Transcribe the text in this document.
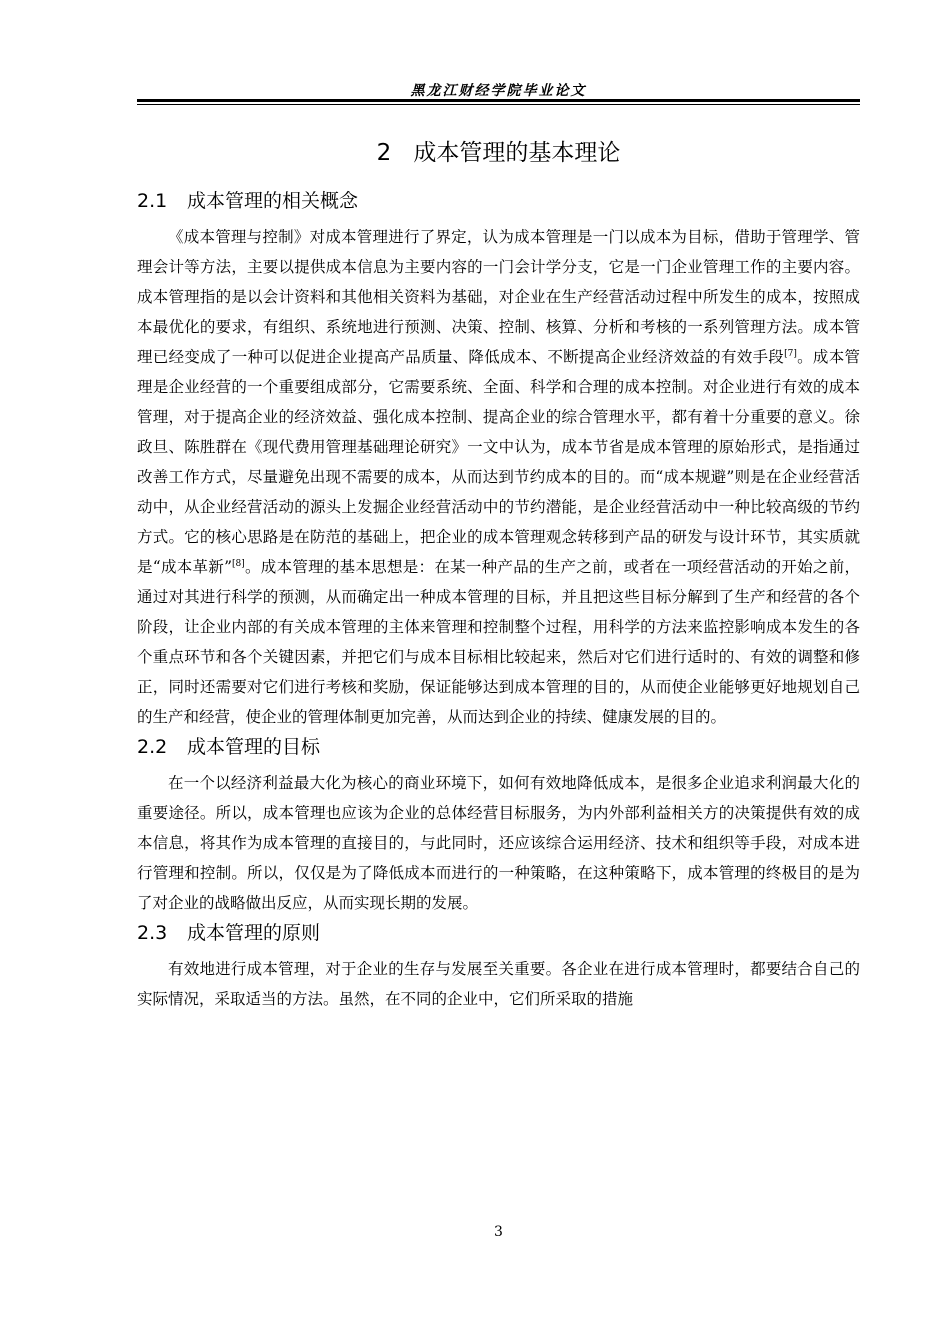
黑龙江财经学院毕业论文
2 成本管理的基本理论
2.1 成本管理的相关概念

《成本管理与控制》对成本管理进行了界定，认为成本管理是一门以成本为目标，借助于管理学、管理会计等方法，主要以提供成本信息为主要内容的一门会计学分支，它是一门企业管理工作的主要内容。成本管理指的是以会计资料和其他相关资料为基础，对企业在生产经营活动过程中所发生的成本，按照成本最优化的要求，有组织、系统地进行预测、决策、控制、核算、分析和考核的一系列管理方法。成本管理已经变成了一种可以促进企业提高产品质量、降低成本、不断提高企业经济效益的有效手段[7]。成本管理是企业经营的一个重要组成部分，它需要系统、全面、科学和合理的成本控制。对企业进行有效的成本管理，对于提高企业的经济效益、强化成本控制、提高企业的综合管理水平，都有着十分重要的意义。徐政旦、陈胜群在《现代费用管理基础理论研究》一文中认为，成本节省是成本管理的原始形式，是指通过改善工作方式，尽量避免出现不需要的成本，从而达到节约成本的目的。而“成本规避”则是在企业经营活动中，从企业经营活动的源头上发掘企业经营活动中的节约潜能，是企业经营活动中一种比较高级的节约方式。它的核心思路是在防范的基础上，把企业的成本管理观念转移到产品的研发与设计环节，其实质就是“成本革新”[8]。成本管理的基本思想是：在某一种产品的生产之前，或者在一项经营活动的开始之前，通过对其进行科学的预测，从而确定出一种成本管理的目标，并且把这些目标分解到了生产和经营的各个阶段，让企业内部的有关成本管理的主体来管理和控制整个过程，用科学的方法来监控影响成本发生的各个重点环节和各个关键因素，并把它们与成本目标相比较起来，然后对它们进行适时的、有效的调整和修正，同时还需要对它们进行考核和奖励，保证能够达到成本管理的目的，从而使企业能够更好地规划自己的生产和经营，使企业的管理体制更加完善，从而达到企业的持续、健康发展的目的。

2.2 成本管理的目标

在一个以经济利益最大化为核心的商业环境下，如何有效地降低成本，是很多企业追求利润最大化的重要途径。所以，成本管理也应该为企业的总体经营目标服务，为内外部利益相关方的决策提供有效的成本信息，将其作为成本管理的直接目的，与此同时，还应该综合运用经济、技术和组织等手段，对成本进行管理和控制。所以，仅仅是为了降低成本而进行的一种策略，在这种策略下，成本管理的终极目的是为了对企业的战略做出反应，从而实现长期的发展。

2.3 成本管理的原则

有效地进行成本管理，对于企业的生存与发展至关重要。各企业在进行成本管理时，都要结合自己的实际情况，采取适当的方法。虽然，在不同的企业中，它们所采取的措施

3
